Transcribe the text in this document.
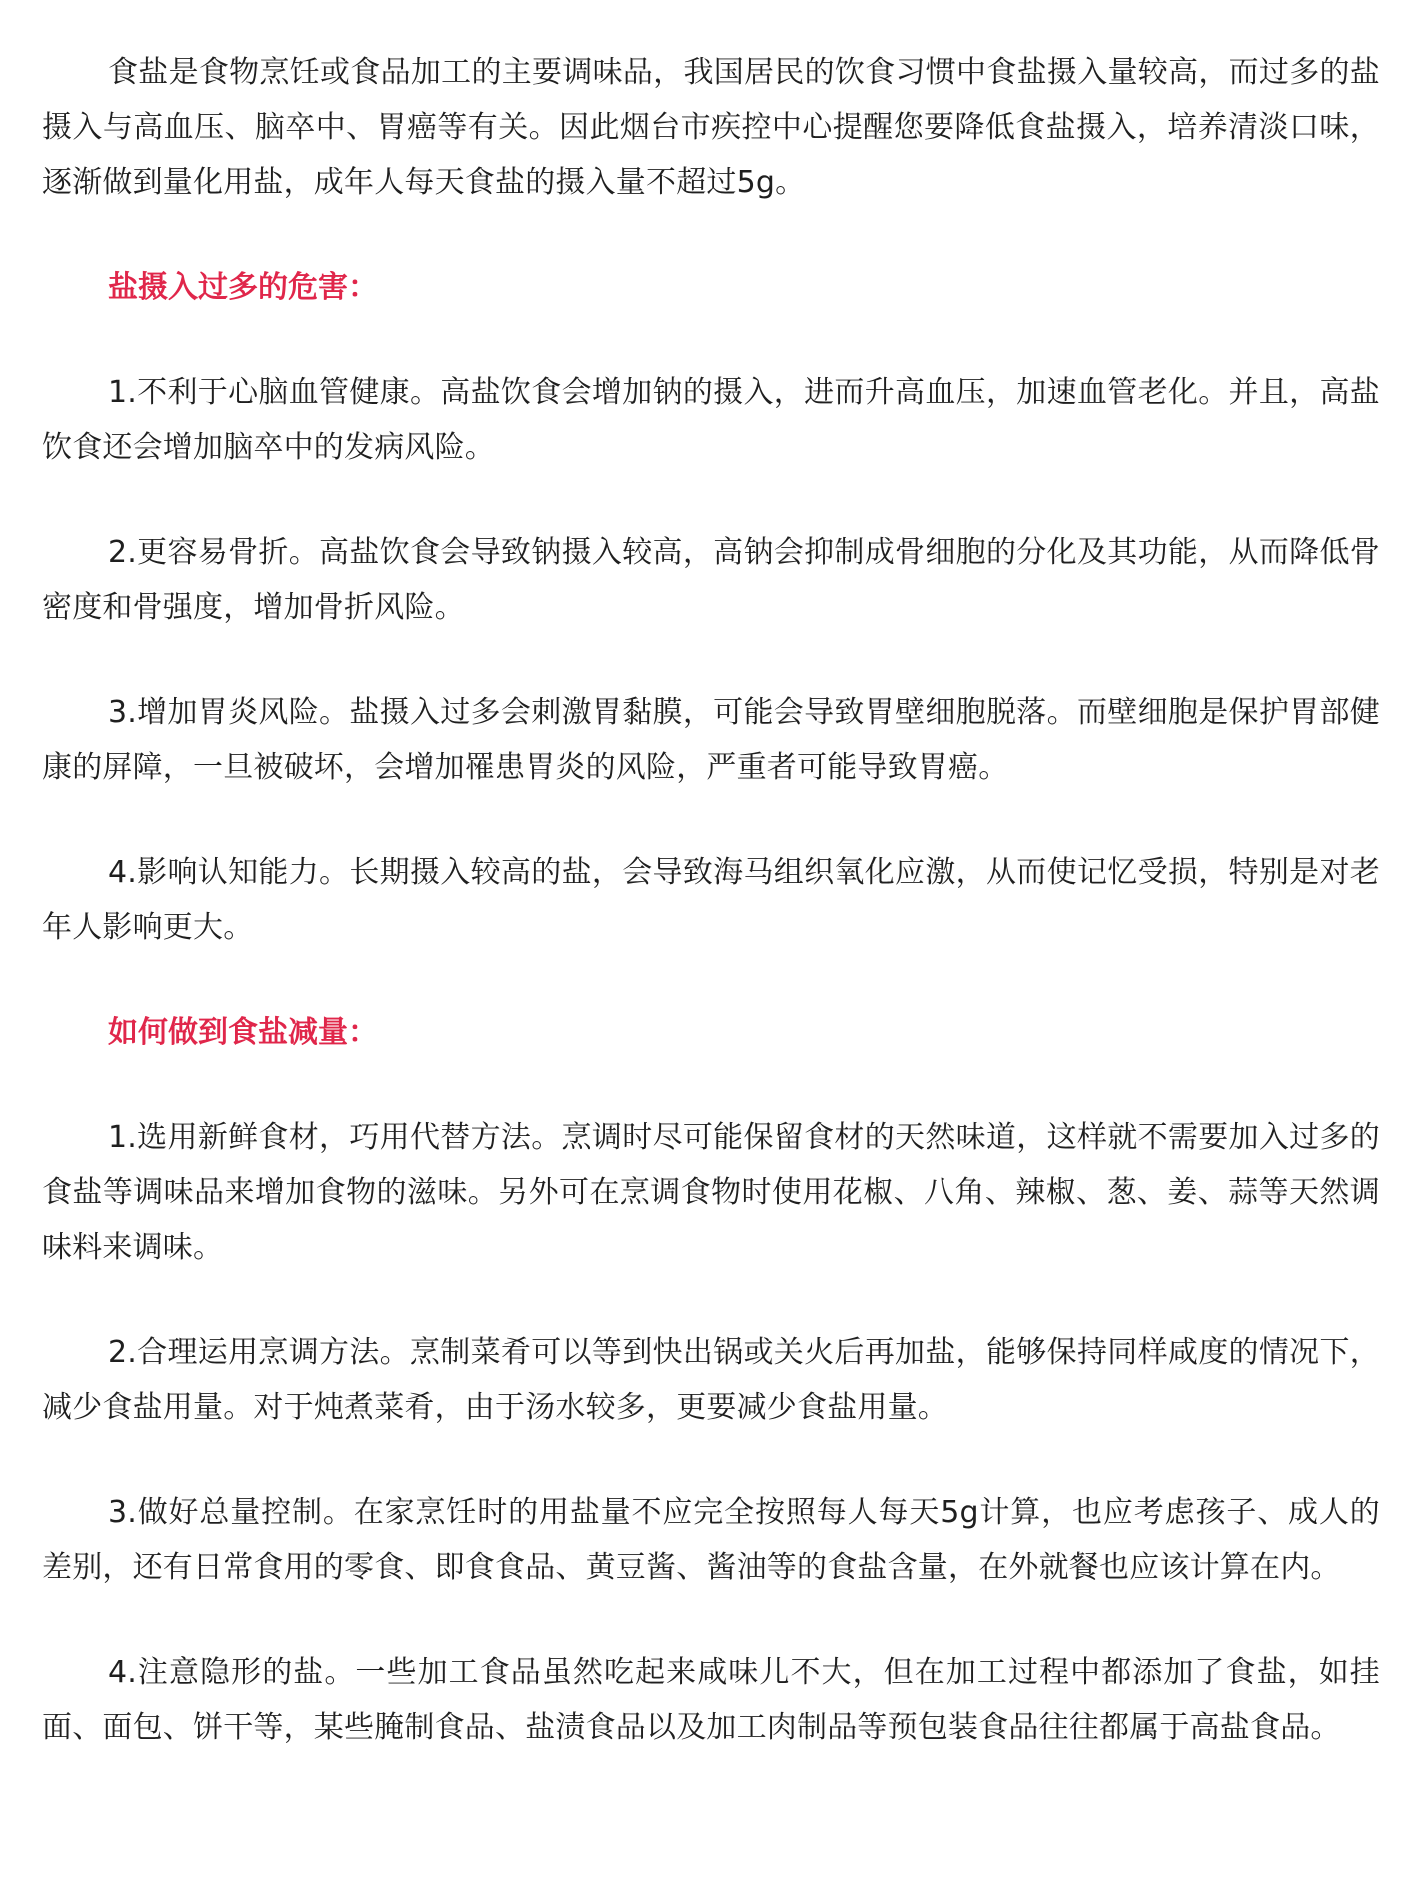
食盐是食物烹饪或食品加工的主要调味品，我国居民的饮食习惯中食盐摄入量较高，而过多的盐摄入与高血压、脑卒中、胃癌等有关。因此烟台市疾控中心提醒您要降低食盐摄入，培养清淡口味，逐渐做到量化用盐，成年人每天食盐的摄入量不超过5g。

盐摄入过多的危害：

1.不利于心脑血管健康。高盐饮食会增加钠的摄入，进而升高血压，加速血管老化。并且，高盐饮食还会增加脑卒中的发病风险。

2.更容易骨折。高盐饮食会导致钠摄入较高，高钠会抑制成骨细胞的分化及其功能，从而降低骨密度和骨强度，增加骨折风险。

3.增加胃炎风险。盐摄入过多会刺激胃黏膜，可能会导致胃壁细胞脱落。而壁细胞是保护胃部健康的屏障，一旦被破坏，会增加罹患胃炎的风险，严重者可能导致胃癌。

4.影响认知能力。长期摄入较高的盐，会导致海马组织氧化应激，从而使记忆受损，特别是对老年人影响更大。

如何做到食盐减量：

1.选用新鲜食材，巧用代替方法。烹调时尽可能保留食材的天然味道，这样就不需要加入过多的食盐等调味品来增加食物的滋味。另外可在烹调食物时使用花椒、八角、辣椒、葱、姜、蒜等天然调味料来调味。

2.合理运用烹调方法。烹制菜肴可以等到快出锅或关火后再加盐，能够保持同样咸度的情况下，减少食盐用量。对于炖煮菜肴，由于汤水较多，更要减少食盐用量。

3.做好总量控制。在家烹饪时的用盐量不应完全按照每人每天5g计算，也应考虑孩子、成人的差别，还有日常食用的零食、即食食品、黄豆酱、酱油等的食盐含量，在外就餐也应该计算在内。

4.注意隐形的盐。一些加工食品虽然吃起来咸味儿不大，但在加工过程中都添加了食盐，如挂面、面包、饼干等，某些腌制食品、盐渍食品以及加工肉制品等预包装食品往往都属于高盐食品。
